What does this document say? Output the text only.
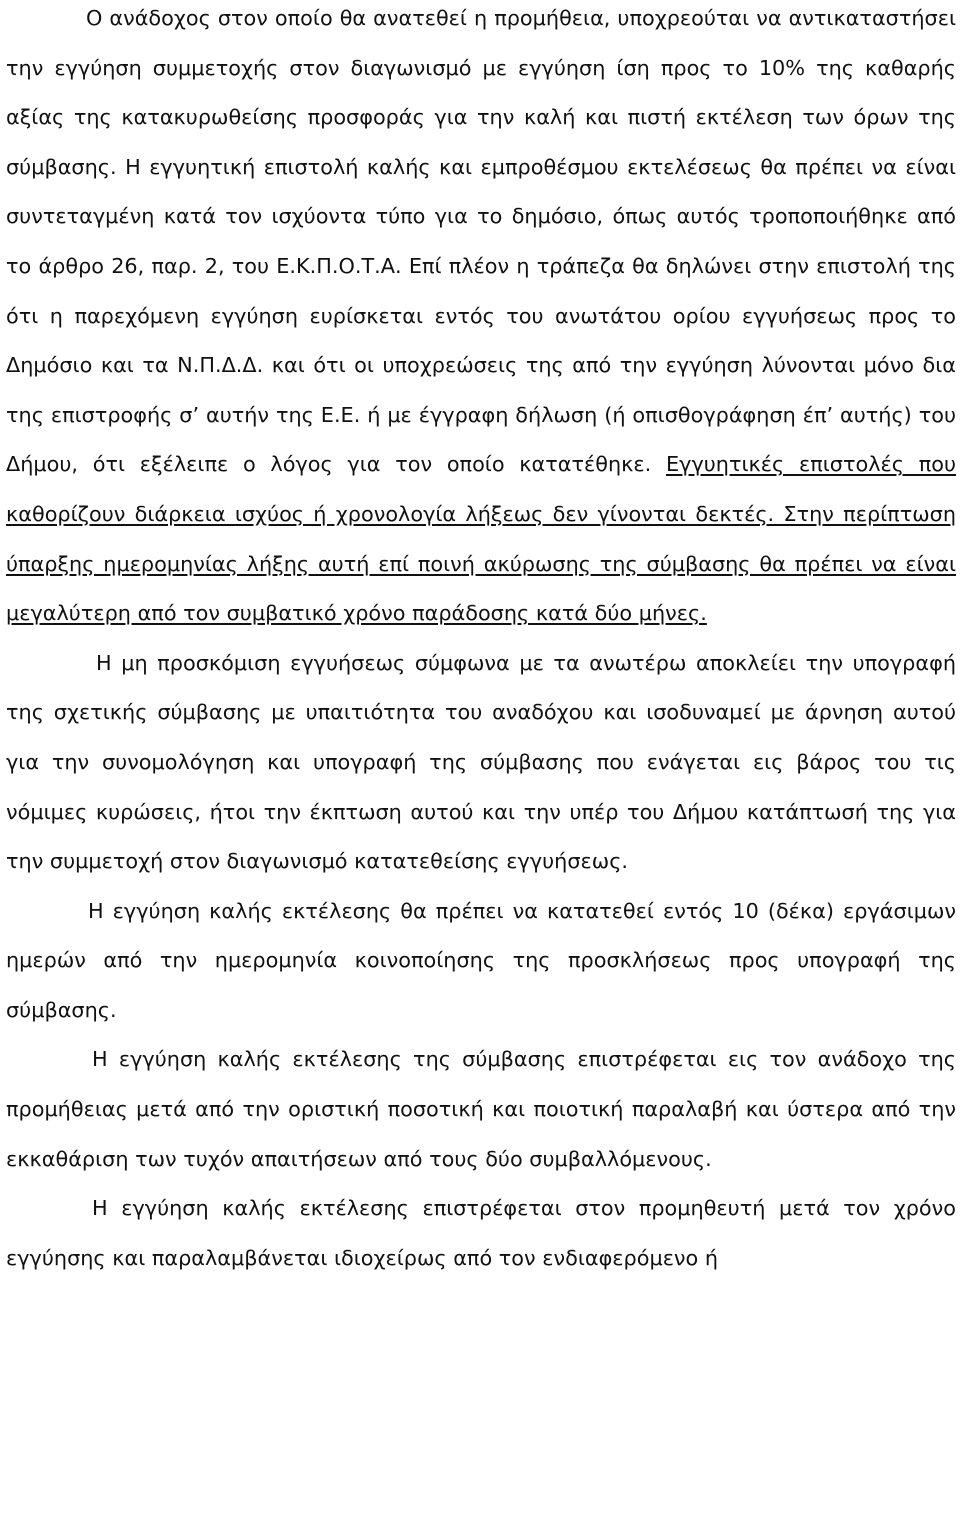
Ο ανάδοχος στον οποίο θα ανατεθεί η προμήθεια, υποχρεούται να αντικαταστήσει την εγγύηση συμμετοχής στον διαγωνισμό με εγγύηση ίση προς το 10% της καθαρής αξίας της κατακυρωθείσης προσφοράς για την καλή και πιστή εκτέλεση των όρων της σύμβασης. Η εγγυητική επιστολή καλής και εμπροθέσμου εκτελέσεως θα πρέπει να είναι συντεταγμένη κατά τον ισχύοντα τύπο για το δημόσιο, όπως αυτός τροποποιήθηκε από το άρθρο 26, παρ. 2, του Ε.Κ.Π.Ο.Τ.Α. Επί πλέον η τράπεζα θα δηλώνει στην επιστολή της ότι η παρεχόμενη εγγύηση ευρίσκεται εντός του ανωτάτου ορίου εγγυήσεως προς το Δημόσιο και τα Ν.Π.Δ.Δ. και ότι οι υποχρεώσεις της από την εγγύηση λύνονται μόνο δια της επιστροφής σ’ αυτήν της Ε.Ε. ή με έγγραφη δήλωση (ή οπισθογράφηση έπ’ αυτής) του Δήμου, ότι εξέλειπε ο λόγος για τον οποίο κατατέθηκε. Εγγυητικές επιστολές που καθορίζουν διάρκεια ισχύος ή χρονολογία λήξεως δεν γίνονται δεκτές. Στην περίπτωση ύπαρξης ημερομηνίας λήξης αυτή επί ποινή ακύρωσης της σύμβασης θα πρέπει να είναι μεγαλύτερη από τον συμβατικό χρόνο παράδοσης κατά δύο μήνες.

Η μη προσκόμιση εγγυήσεως σύμφωνα με τα ανωτέρω αποκλείει την υπογραφή της σχετικής σύμβασης με υπαιτιότητα του αναδόχου και ισοδυναμεί με άρνηση αυτού για την συνομολόγηση και υπογραφή της σύμβασης που ενάγεται εις βάρος του τις νόμιμες κυρώσεις, ήτοι την έκπτωση αυτού και την υπέρ του Δήμου κατάπτωσή της για την συμμετοχή στον διαγωνισμό κατατεθείσης εγγυήσεως.

Η εγγύηση καλής εκτέλεσης θα πρέπει να κατατεθεί εντός 10 (δέκα) εργάσιμων ημερών από την ημερομηνία κοινοποίησης της προσκλήσεως προς υπογραφή της σύμβασης.

Η εγγύηση καλής εκτέλεσης της σύμβασης επιστρέφεται εις τον ανάδοχο της προμήθειας μετά από την οριστική ποσοτική και ποιοτική παραλαβή και ύστερα από την εκκαθάριση των τυχόν απαιτήσεων από τους δύο συμβαλλόμενους.

Η εγγύηση καλής εκτέλεσης επιστρέφεται στον προμηθευτή μετά τον χρόνο εγγύησης και παραλαμβάνεται ιδιοχείρως από τον ενδιαφερόμενο ή
